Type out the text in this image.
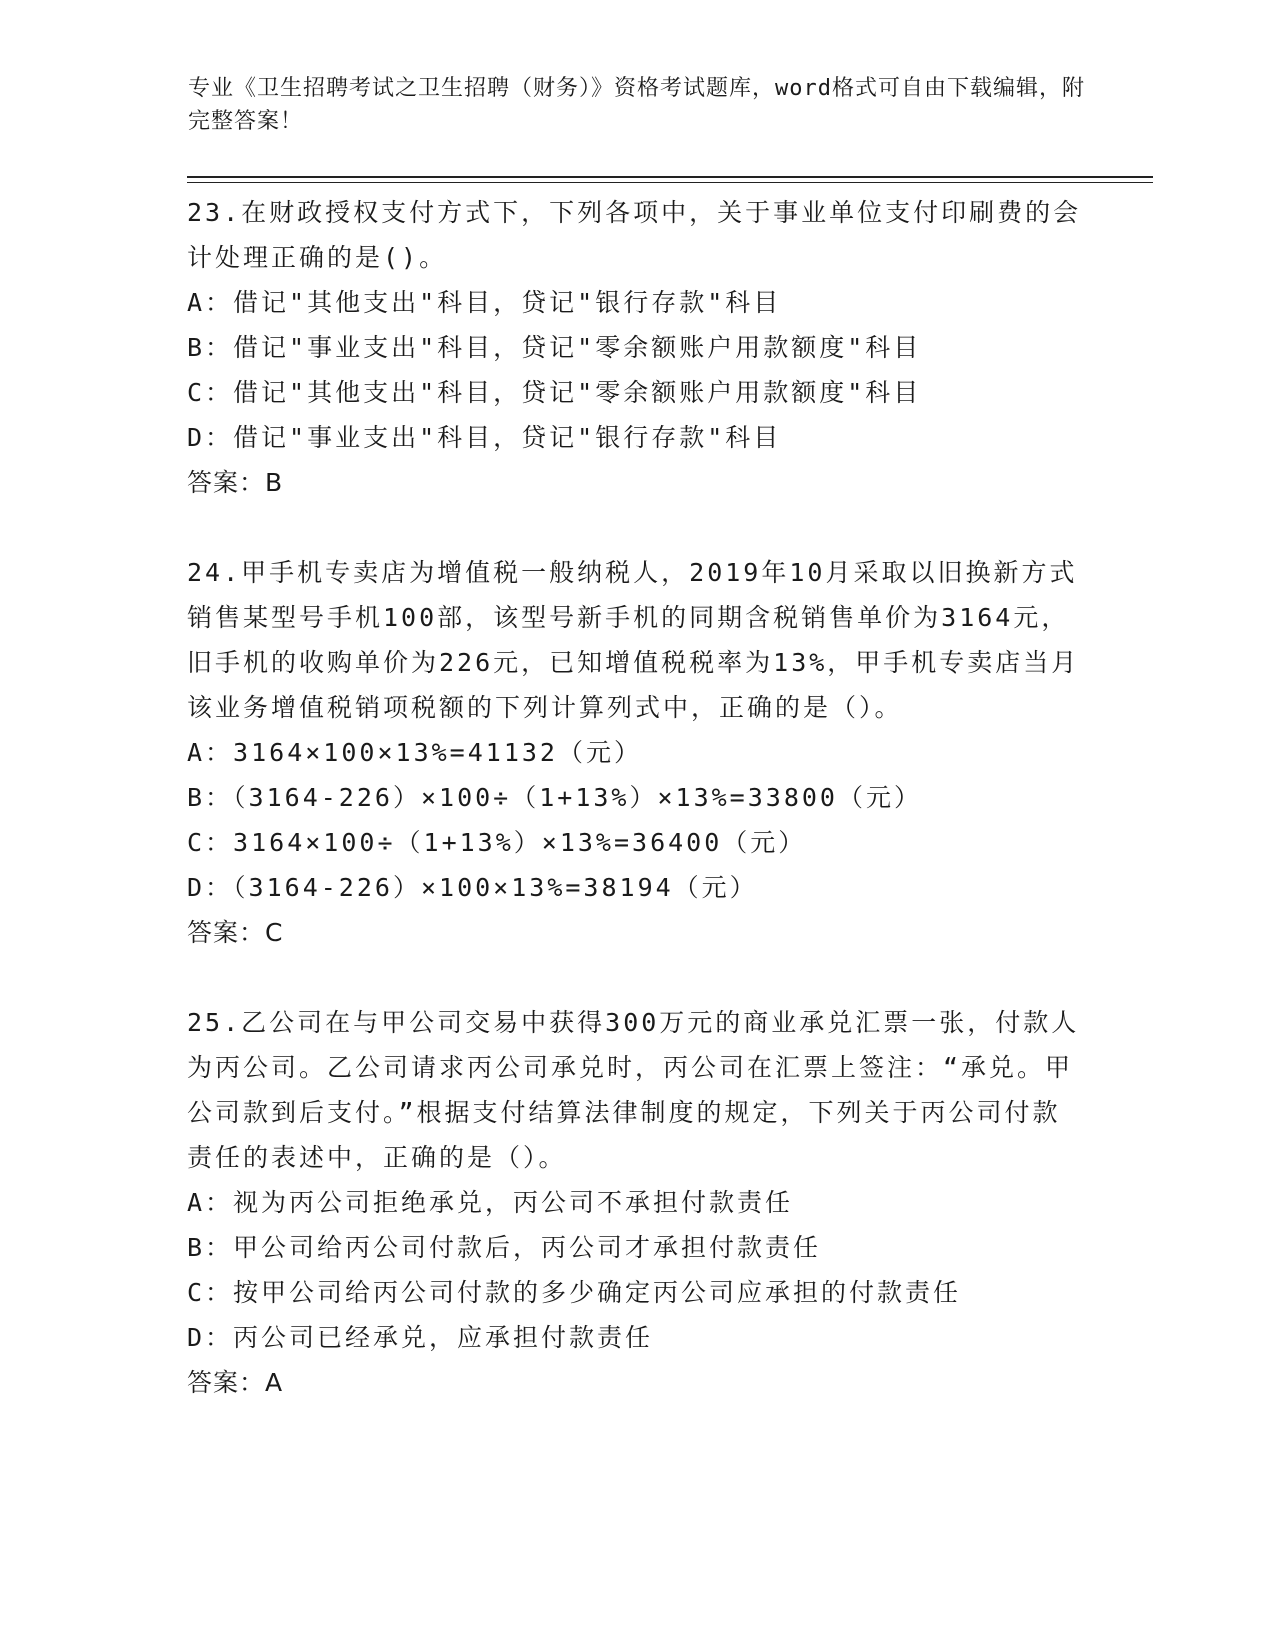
专业《卫生招聘考试之卫生招聘（财务）》资格考试题库，word格式可自由下载编辑，附完整答案！
23.在财政授权支付方式下，下列各项中，关于事业单位支付印刷费的会计处理正确的是()。
A：借记"其他支出"科目，贷记"银行存款"科目
B：借记"事业支出"科目，贷记"零余额账户用款额度"科目
C：借记"其他支出"科目，贷记"零余额账户用款额度"科目
D：借记"事业支出"科目，贷记"银行存款"科目
答案：B
24.甲手机专卖店为增值税一般纳税人，2019年10月采取以旧换新方式销售某型号手机100部，该型号新手机的同期含税销售单价为3164元，旧手机的收购单价为226元，已知增值税税率为13%，甲手机专卖店当月该业务增值税销项税额的下列计算列式中，正确的是（）。
A：3164×100×13%=41132（元）
B：（3164-226）×100÷（1+13%）×13%=33800（元）
C：3164×100÷（1+13%）×13%=36400（元）
D：（3164-226）×100×13%=38194（元）
答案：C
25.乙公司在与甲公司交易中获得300万元的商业承兑汇票一张，付款人为丙公司。乙公司请求丙公司承兑时，丙公司在汇票上签注：“承兑。甲公司款到后支付。”根据支付结算法律制度的规定，下列关于丙公司付款责任的表述中，正确的是（）。
A：视为丙公司拒绝承兑，丙公司不承担付款责任
B：甲公司给丙公司付款后，丙公司才承担付款责任
C：按甲公司给丙公司付款的多少确定丙公司应承担的付款责任
D：丙公司已经承兑，应承担付款责任
答案：A
